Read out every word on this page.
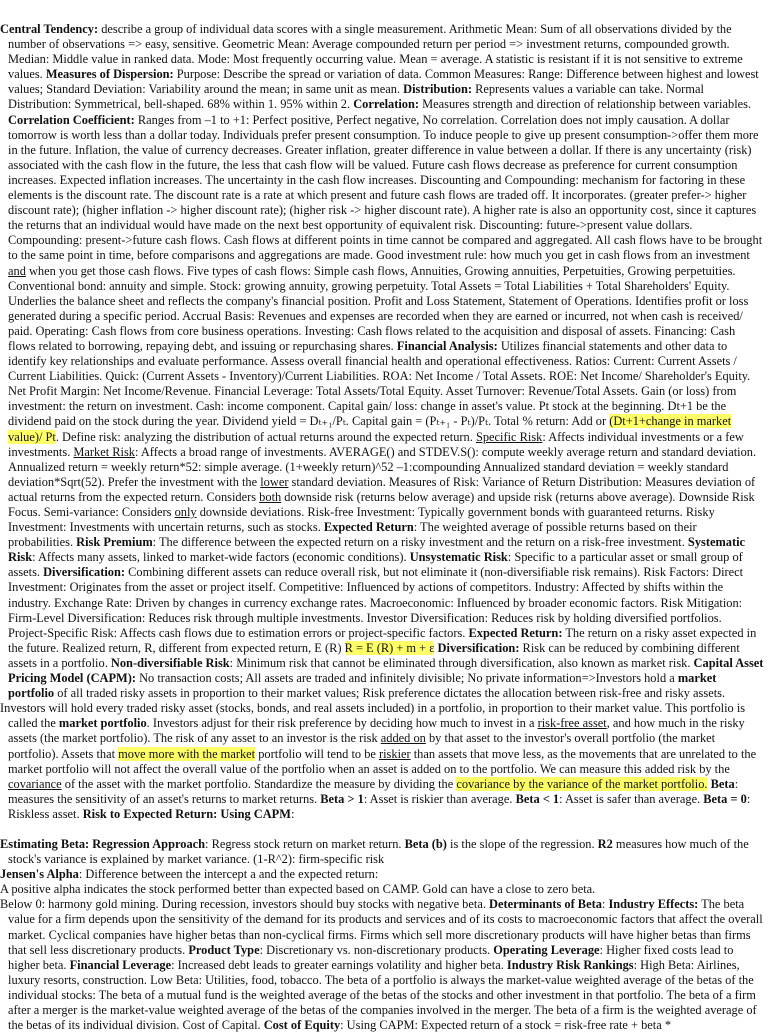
Central Tendency: describe a group of individual data scores with a single measurement. Arithmetic Mean: Sum of all observations divided by the number of observations => easy, sensitive. Geometric Mean: Average compounded return per period => investment returns, compounded growth. Median: Middle value in ranked data. Mode: Most frequently occurring value. Mean = average. A statistic is resistant if it is not sensitive to extreme values. Measures of Dispersion: Purpose: Describe the spread or variation of data. Common Measures: Range: Difference between highest and lowest values; Standard Deviation: Variability around the mean; in same unit as mean. Distribution: Represents values a variable can take. Normal Distribution: Symmetrical, bell-shaped. 68% within 1. 95% within 2. Correlation: Measures strength and direction of relationship between variables. Correlation Coefficient: Ranges from –1 to +1: Perfect positive, Perfect negative, No correlation. Correlation does not imply causation. A dollar tomorrow is worth less than a dollar today. Individuals prefer present consumption. To induce people to give up present consumption->offer them more in the future. Inflation, the value of currency decreases. Greater inflation, greater difference in value between a dollar. If there is any uncertainty (risk) associated with the cash flow in the future, the less that cash flow will be valued. Future cash flows decrease as preference for current consumption increases. Expected inflation increases. The uncertainty in the cash flow increases. Discounting and Compounding: mechanism for factoring in these elements is the discount rate. The discount rate is a rate at which present and future cash flows are traded off. It incorporates. (greater prefer-> higher discount rate); (higher inflation -> higher discount rate); (higher risk -> higher discount rate). A higher rate is also an opportunity cost, since it captures the returns that an individual would have made on the next best opportunity of equivalent risk. Discounting: future->present value dollars. Compounding: present->future cash flows. Cash flows at different points in time cannot be compared and aggregated. All cash flows have to be brought to the same point in time, before comparisons and aggregations are made. Good investment rule: how much you get in cash flows from an investment and when you get those cash flows. Five types of cash flows: Simple cash flows, Annuities, Growing annuities, Perpetuities, Growing perpetuities. Conventional bond: annuity and simple. Stock: growing annuity, growing perpetuity. Total Assets = Total Liabilities + Total Shareholders' Equity. Underlies the balance sheet and reflects the company's financial position. Profit and Loss Statement, Statement of Operations. Identifies profit or loss generated during a specific period. Accrual Basis: Revenues and expenses are recorded when they are earned or incurred, not when cash is received/ paid. Operating: Cash flows from core business operations. Investing: Cash flows related to the acquisition and disposal of assets. Financing: Cash flows related to borrowing, repaying debt, and issuing or repurchasing shares. Financial Analysis: Utilizes financial statements and other data to identify key relationships and evaluate performance. Assess overall financial health and operational effectiveness. Ratios: Current: Current Assets / Current Liabilities. Quick: (Current Assets - Inventory)/Current Liabilities. ROA: Net Income / Total Assets. ROE: Net Income/ Shareholder's Equity. Net Profit Margin: Net Income/Revenue. Financial Leverage: Total Assets/Total Equity. Asset Turnover: Revenue/Total Assets. Gain (or loss) from investment: the return on investment. Cash: income component. Capital gain/ loss: change in asset's value. Pt stock at the beginning. Dt+1 be the dividend paid on the stock during the year. Dividend yield = Dₜ₊₁/Pₜ. Capital gain = (Pₜ₊₁ - Pₜ)/Pₜ. Total % return: Add or (Dt+1+change in market value)/ Pt. Define risk: analyzing the distribution of actual returns around the expected return. Specific Risk: Affects individual investments or a few investments. Market Risk: Affects a broad range of investments. AVERAGE() and STDEV.S(): compute weekly average return and standard deviation. Annualized return = weekly return*52: simple average. (1+weekly return)^52 –1:compounding Annualized standard deviation = weekly standard deviation*Sqrt(52). Prefer the investment with the lower standard deviation. Measures of Risk: Variance of Return Distribution: Measures deviation of actual returns from the expected return. Considers both downside risk (returns below average) and upside risk (returns above average). Downside Risk Focus. Semi-variance: Considers only downside deviations. Risk-free Investment: Typically government bonds with guaranteed returns. Risky Investment: Investments with uncertain returns, such as stocks. Expected Return: The weighted average of possible returns based on their probabilities. Risk Premium: The difference between the expected return on a risky investment and the return on a risk-free investment. Systematic Risk: Affects many assets, linked to market-wide factors (economic conditions). Unsystematic Risk: Specific to a particular asset or small group of assets. Diversification: Combining different assets can reduce overall risk, but not eliminate it (non-diversifiable risk remains). Risk Factors: Direct Investment: Originates from the asset or project itself. Competitive: Influenced by actions of competitors. Industry: Affected by shifts within the industry. Exchange Rate: Driven by changes in currency exchange rates. Macroeconomic: Influenced by broader economic factors. Risk Mitigation: Firm-Level Diversification: Reduces risk through multiple investments. Investor Diversification: Reduces risk by holding diversified portfolios. Project-Specific Risk: Affects cash flows due to estimation errors or project-specific factors. Expected Return: The return on a risky asset expected in the future. Realized return, R, different from expected return, E (R) R = E (R) + m + ε Diversification: Risk can be reduced by combining different assets in a portfolio. Non-diversifiable Risk: Minimum risk that cannot be eliminated through diversification, also known as market risk. Capital Asset Pricing Model (CAPM): No transaction costs; All assets are traded and infinitely divisible; No private information=>Investors hold a market portfolio of all traded risky assets in proportion to their market values; Risk preference dictates the allocation between risk-free and risky assets.

Investors will hold every traded risky asset (stocks, bonds, and real assets included) in a portfolio, in proportion to their market value. This portfolio is called the market portfolio. Investors adjust for their risk preference by deciding how much to invest in a risk-free asset, and how much in the risky assets (the market portfolio). The risk of any asset to an investor is the risk added on by that asset to the investor's overall portfolio (the market portfolio). Assets that move more with the market portfolio will tend to be riskier than assets that move less, as the movements that are unrelated to the market portfolio will not affect the overall value of the portfolio when an asset is added on to the portfolio. We can measure this added risk by the covariance of the asset with the market portfolio. Standardize the measure by dividing the covariance by the variance of the market portfolio. Beta: measures the sensitivity of an asset's returns to market returns. Beta > 1: Asset is riskier than average. Beta < 1: Asset is safer than average. Beta = 0: Riskless asset. Risk to Expected Return: Using CAPM:

Estimating Beta: Regression Approach: Regress stock return on market return. Beta (b) is the slope of the regression. R2 measures how much of the stock's variance is explained by market variance. (1-R^2): firm-specific risk

Jensen's Alpha: Difference between the intercept a and the expected return:

A positive alpha indicates the stock performed better than expected based on CAMP. Gold can have a close to zero beta.

Below 0: harmony gold mining. During recession, investors should buy stocks with negative beta. Determinants of Beta: Industry Effects: The beta value for a firm depends upon the sensitivity of the demand for its products and services and of its costs to macroeconomic factors that affect the overall market. Cyclical companies have higher betas than non-cyclical firms. Firms which sell more discretionary products will have higher betas than firms that sell less discretionary products. Product Type: Discretionary vs. non-discretionary products. Operating Leverage: Higher fixed costs lead to higher beta. Financial Leverage: Increased debt leads to greater earnings volatility and higher beta. Industry Risk Rankings: High Beta: Airlines, luxury resorts, construction. Low Beta: Utilities, food, tobacco. The beta of a portfolio is always the market-value weighted average of the betas of the individual stocks: The beta of a mutual fund is the weighted average of the betas of the stocks and other investment in that portfolio. The beta of a firm after a merger is the market-value weighted average of the betas of the companies involved in the merger. The beta of a firm is the weighted average of the betas of its individual division. Cost of Capital. Cost of Equity: Using CAPM: Expected return of a stock = risk-free rate + beta *
